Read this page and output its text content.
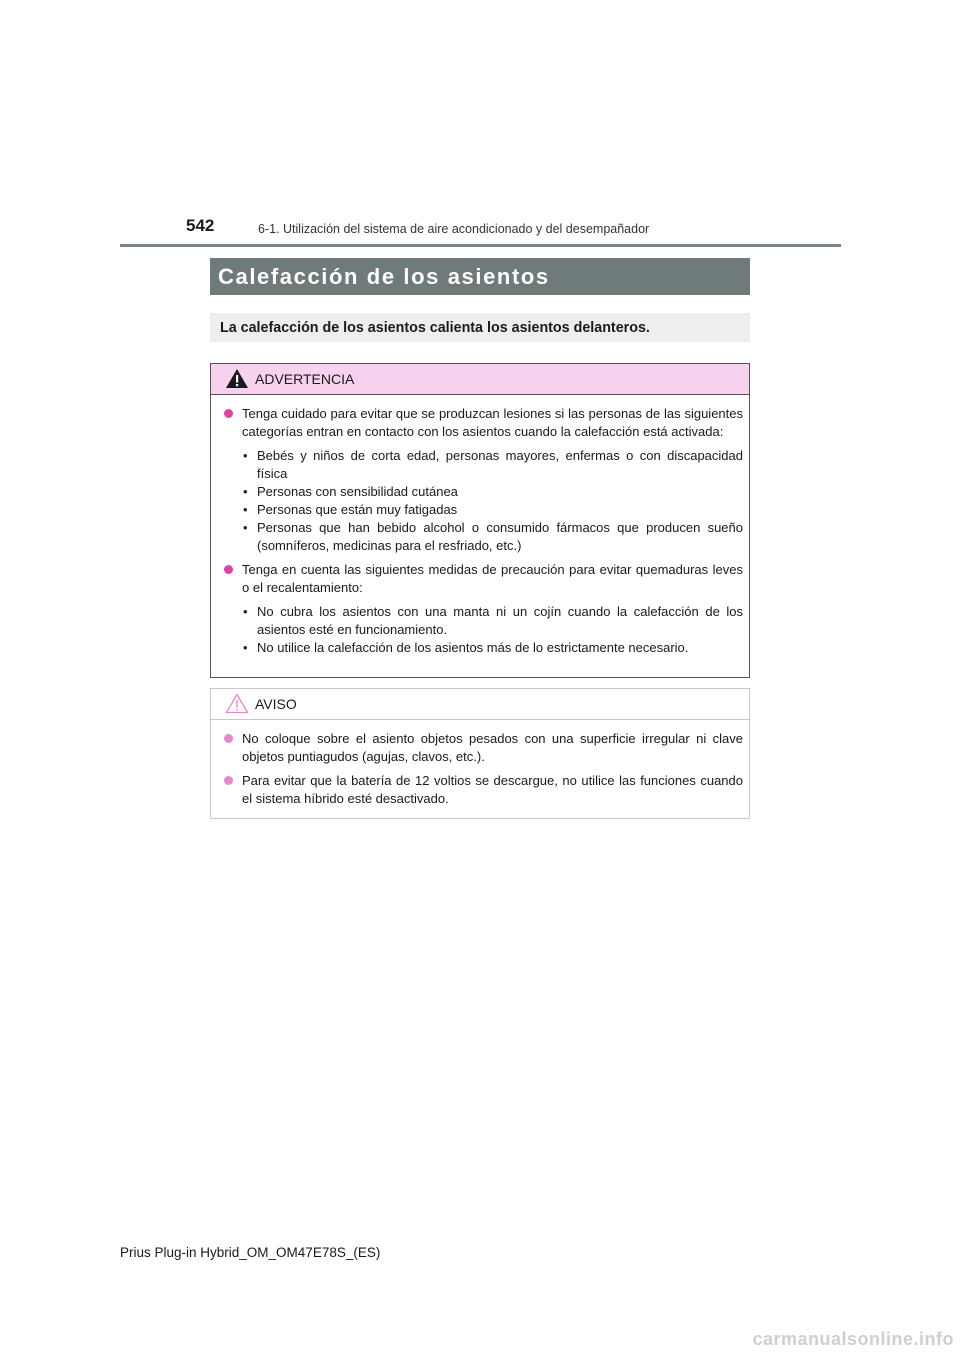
542	6-1. Utilización del sistema de aire acondicionado y del desempañador
Calefacción de los asientos
La calefacción de los asientos calienta los asientos delanteros.
ADVERTENCIA
Tenga cuidado para evitar que se produzcan lesiones si las personas de las siguientes categorías entran en contacto con los asientos cuando la calefacción está activada:
• Bebés y niños de corta edad, personas mayores, enfermas o con discapacidad física
• Personas con sensibilidad cutánea
• Personas que están muy fatigadas
• Personas que han bebido alcohol o consumido fármacos que producen sueño (somníferos, medicinas para el resfriado, etc.)
Tenga en cuenta las siguientes medidas de precaución para evitar quemaduras leves o el recalentamiento:
• No cubra los asientos con una manta ni un cojín cuando la calefacción de los asientos esté en funcionamiento.
• No utilice la calefacción de los asientos más de lo estrictamente necesario.
AVISO
No coloque sobre el asiento objetos pesados con una superficie irregular ni clave objetos puntiagudos (agujas, clavos, etc.).
Para evitar que la batería de 12 voltios se descargue, no utilice las funciones cuando el sistema híbrido esté desactivado.
Prius Plug-in Hybrid_OM_OM47E78S_(ES)
carmanualsonline.info
